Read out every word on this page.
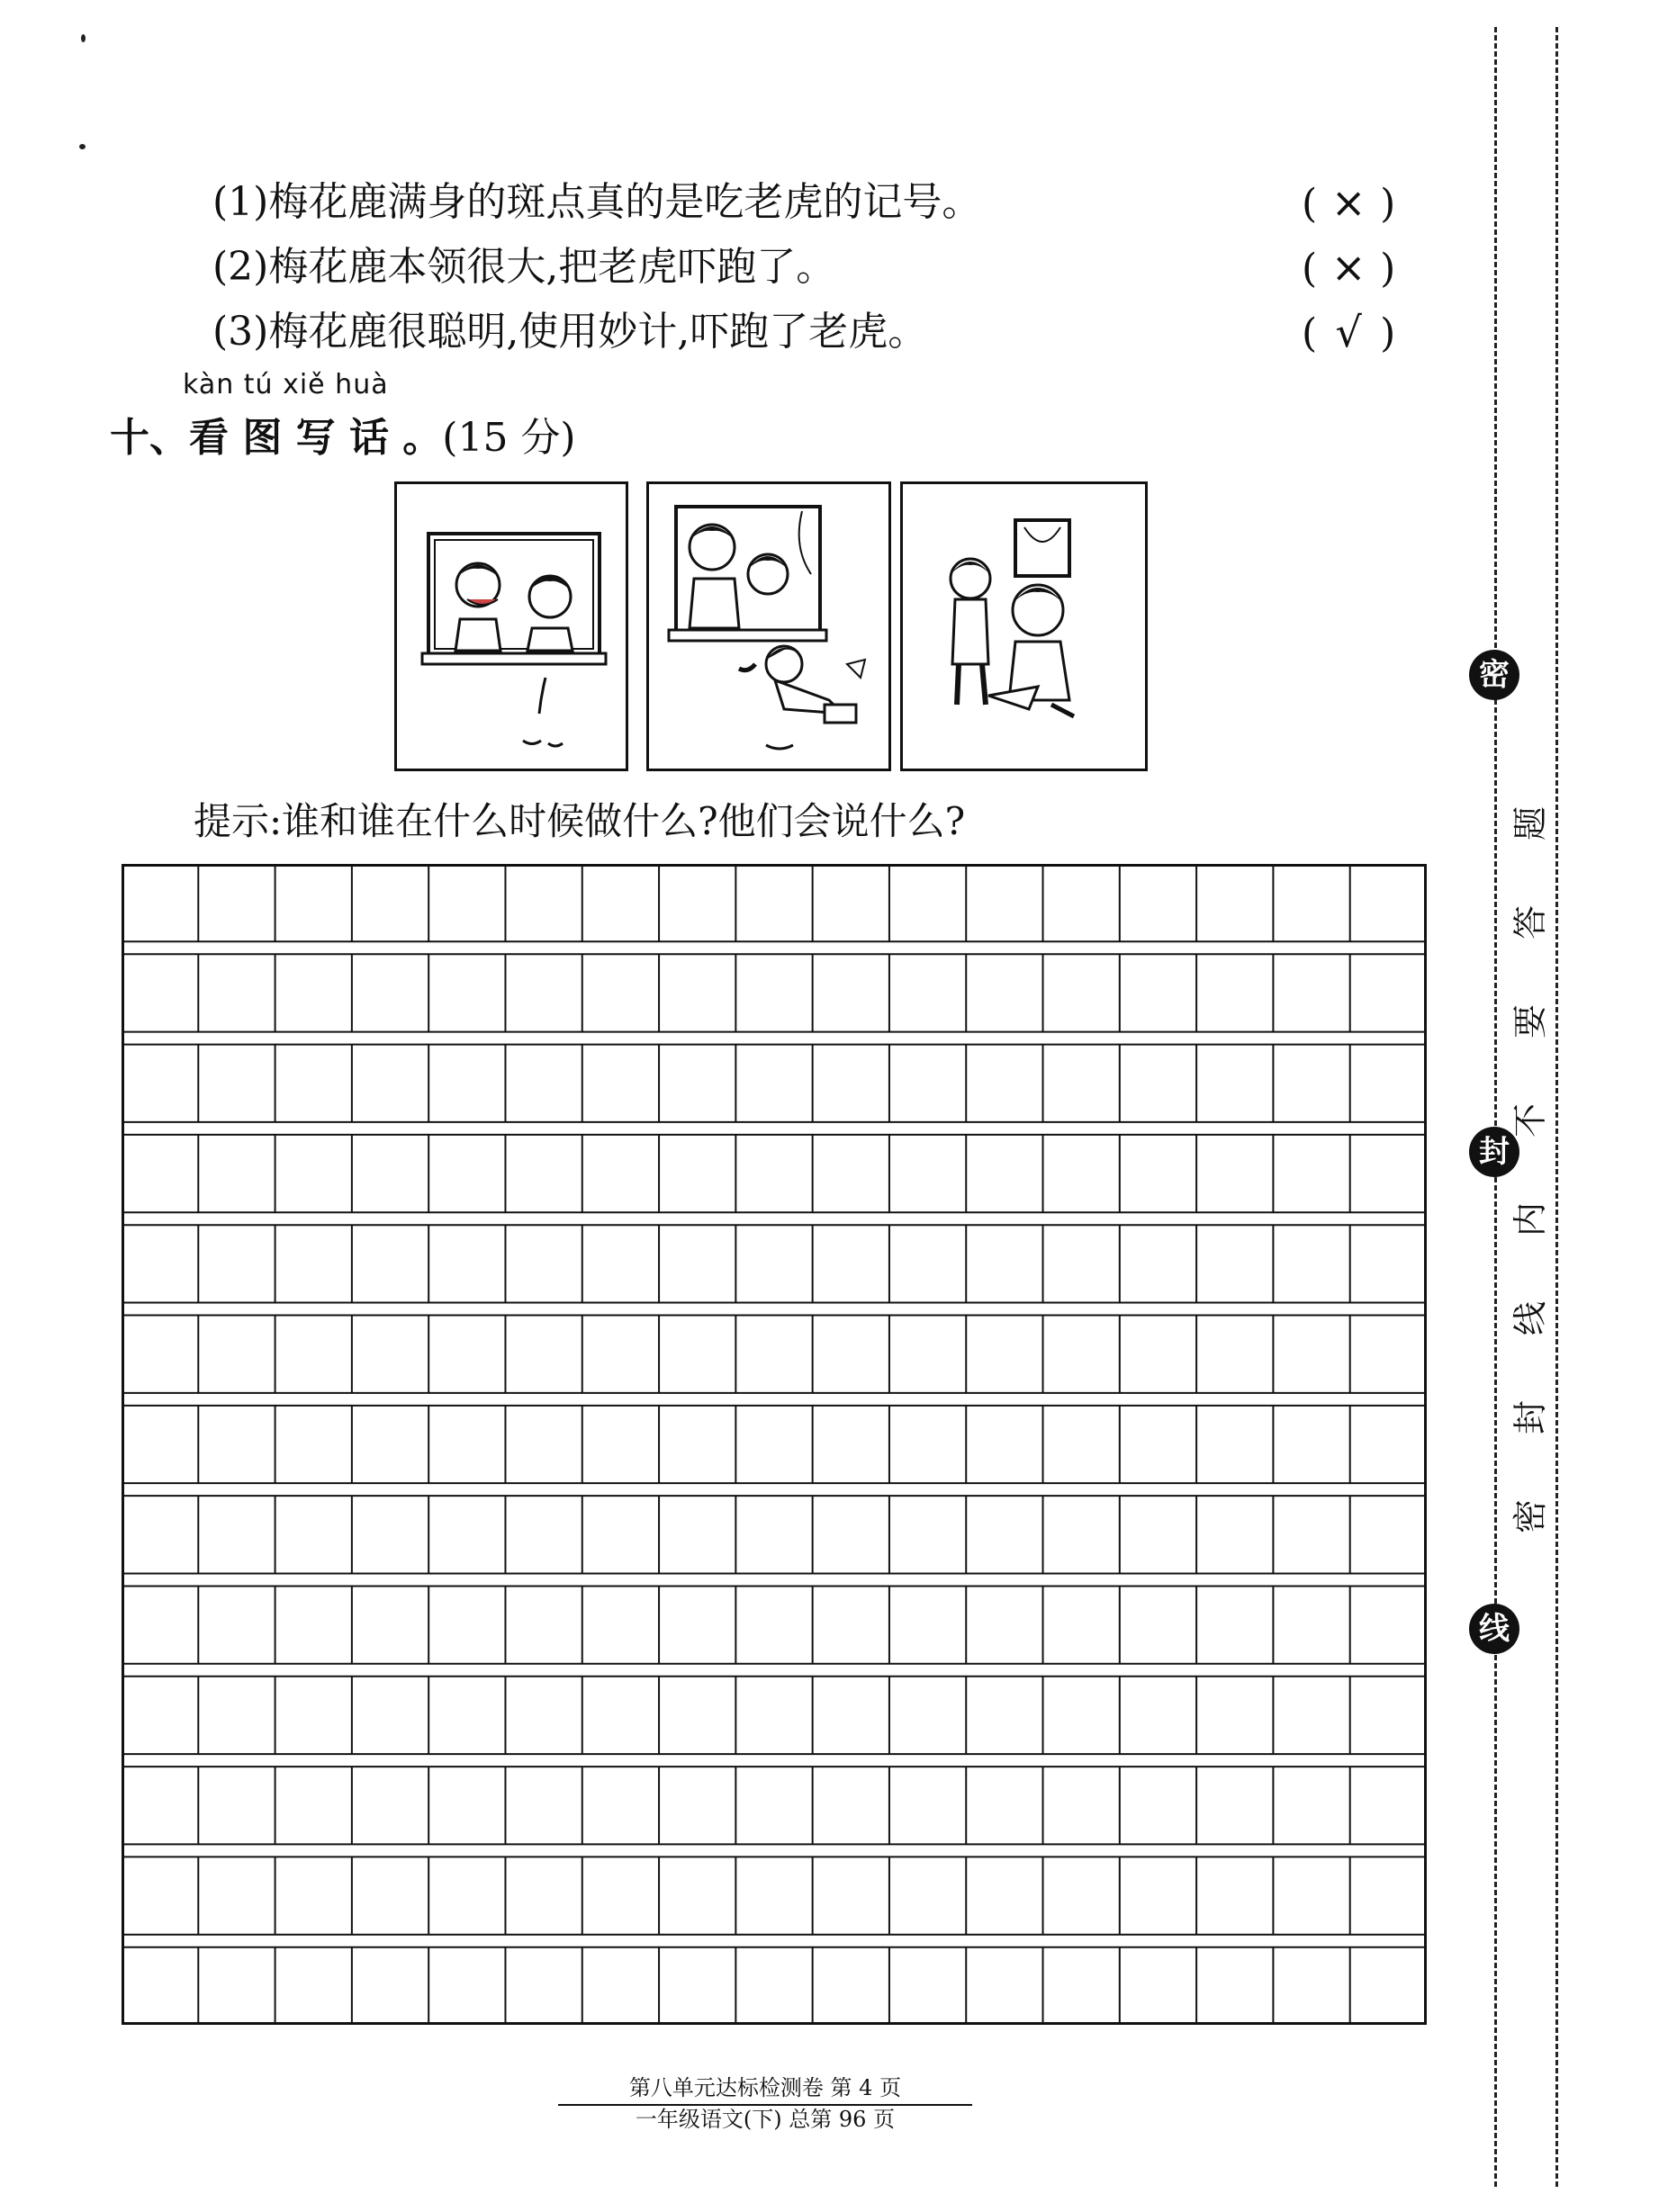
(1)梅花鹿满身的斑点真的是吃老虎的记号。	( × )
(2)梅花鹿本领很大,把老虎吓跑了。	( × )
(3)梅花鹿很聪明,使用妙计,吓跑了老虎。	( √ )
kàn tú xiě huà
十、看 图 写 话 。(15 分)
提示:谁和谁在什么时候做什么?他们会说什么?
第八单元达标检测卷 第 4 页
一年级语文(下) 总第 96 页
密
封
线
题
答
要
不
内
线
封
密
